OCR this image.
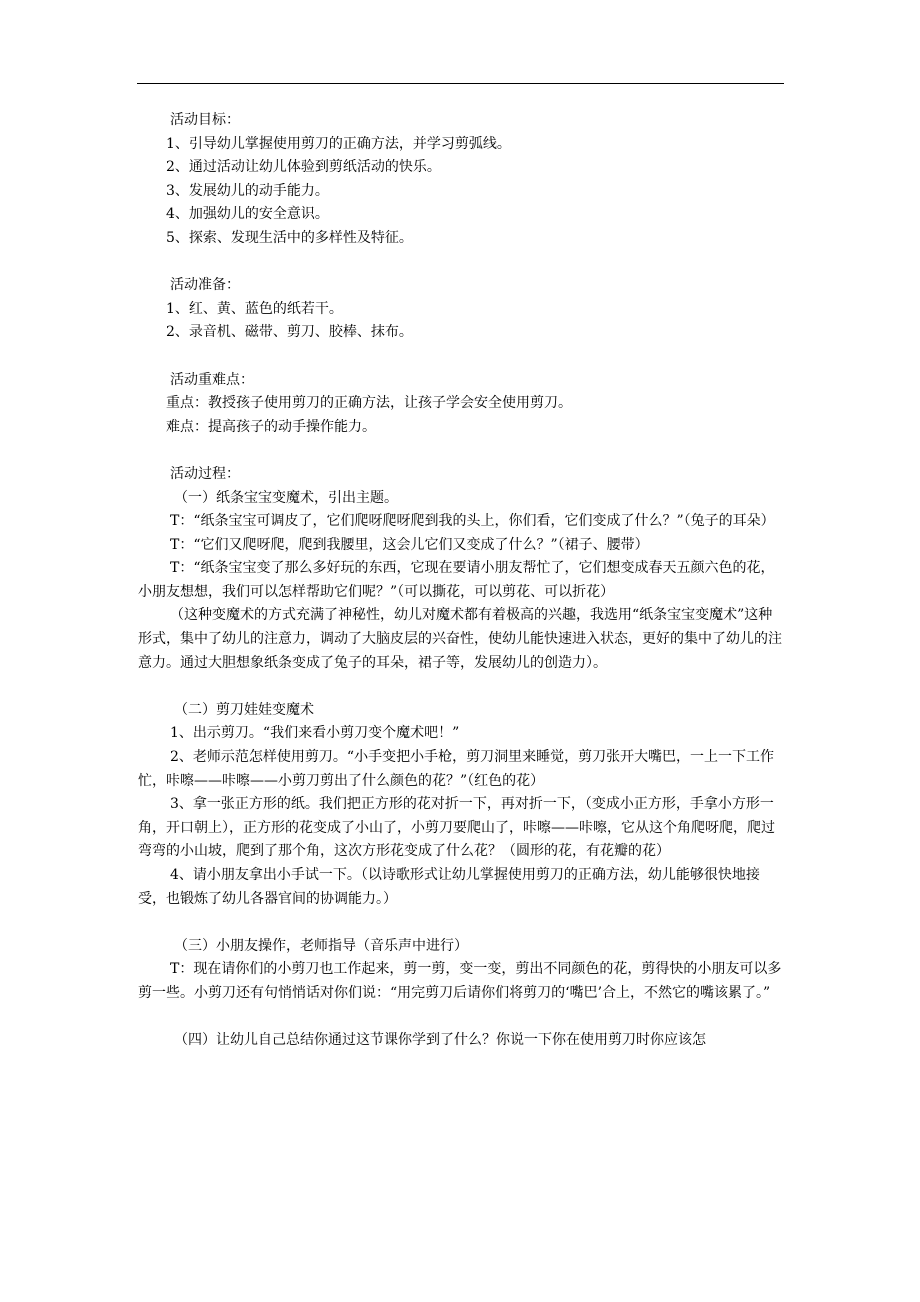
活动目标：

1、引导幼儿掌握使用剪刀的正确方法，并学习剪弧线。

2、通过活动让幼儿体验到剪纸活动的快乐。

3、发展幼儿的动手能力。

4、加强幼儿的安全意识。

5、探索、发现生活中的多样性及特征。

活动准备：

1、红、黄、蓝色的纸若干。

2、录音机、磁带、剪刀、胶棒、抹布。

活动重难点：

重点：教授孩子使用剪刀的正确方法，让孩子学会安全使用剪刀。

难点：提高孩子的动手操作能力。

活动过程：

（一）纸条宝宝变魔术，引出主题。

T：“纸条宝宝可调皮了，它们爬呀爬呀爬到我的头上，你们看，它们变成了什么？”（兔子的耳朵）

T：“它们又爬呀爬，爬到我腰里，这会儿它们又变成了什么？”（裙子、腰带）

T：“纸条宝宝变了那么多好玩的东西，它现在要请小朋友帮忙了，它们想变成春天五颜六色的花，小朋友想想，我们可以怎样帮助它们呢？”（可以撕花，可以剪花、可以折花）

（这种变魔术的方式充满了神秘性，幼儿对魔术都有着极高的兴趣，我选用“纸条宝宝变魔术”这种形式，集中了幼儿的注意力，调动了大脑皮层的兴奋性，使幼儿能快速进入状态，更好的集中了幼儿的注意力。通过大胆想象纸条变成了兔子的耳朵，裙子等，发展幼儿的创造力）。

（二）剪刀娃娃变魔术

1、出示剪刀。“我们来看小剪刀变个魔术吧！”

2、老师示范怎样使用剪刀。“小手变把小手枪，剪刀洞里来睡觉，剪刀张开大嘴巴，一上一下工作忙，咔嚓——咔嚓——小剪刀剪出了什么颜色的花？”（红色的花）

3、拿一张正方形的纸。我们把正方形的花对折一下，再对折一下，（变成小正方形，手拿小方形一角，开口朝上），正方形的花变成了小山了，小剪刀要爬山了，咔嚓——咔嚓，它从这个角爬呀爬，爬过弯弯的小山坡，爬到了那个角，这次方形花变成了什么花？（圆形的花，有花瓣的花）

4、请小朋友拿出小手试一下。（以诗歌形式让幼儿掌握使用剪刀的正确方法，幼儿能够很快地接受，也锻炼了幼儿各器官间的协调能力。）

（三）小朋友操作，老师指导（音乐声中进行）

T：现在请你们的小剪刀也工作起来，剪一剪，变一变，剪出不同颜色的花，剪得快的小朋友可以多剪一些。小剪刀还有句悄悄话对你们说：“用完剪刀后请你们将剪刀的‘嘴巴’合上，不然它的嘴该累了。”

（四）让幼儿自己总结你通过这节课你学到了什么？你说一下你在使用剪刀时你应该怎
